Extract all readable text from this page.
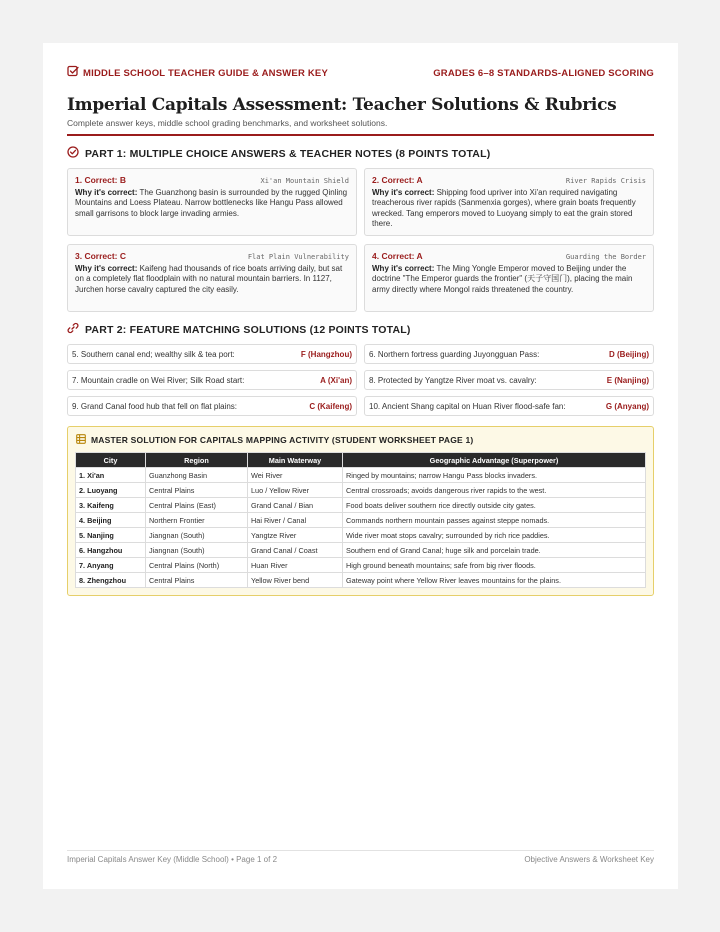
MIDDLE SCHOOL TEACHER GUIDE & ANSWER KEY	GRADES 6–8 STANDARDS-ALIGNED SCORING
Imperial Capitals Assessment: Teacher Solutions & Rubrics
Complete answer keys, middle school grading benchmarks, and worksheet solutions.
PART 1: MULTIPLE CHOICE ANSWERS & TEACHER NOTES (8 POINTS TOTAL)
1. Correct: B	Xi'an Mountain Shield
Why it's correct: The Guanzhong basin is surrounded by the rugged Qinling Mountains and Loess Plateau. Narrow bottlenecks like Hangu Pass allowed small garrisons to block large invading armies.
2. Correct: A	River Rapids Crisis
Why it's correct: Shipping food upriver into Xi'an required navigating treacherous river rapids (Sanmenxia gorges), where grain boats frequently wrecked. Tang emperors moved to Luoyang simply to eat the grain stored there.
3. Correct: C	Flat Plain Vulnerability
Why it's correct: Kaifeng had thousands of rice boats arriving daily, but sat on a completely flat floodplain with no natural mountain barriers. In 1127, Jurchen horse cavalry captured the city easily.
4. Correct: A	Guarding the Border
Why it's correct: The Ming Yongle Emperor moved to Beijing under the doctrine "The Emperor guards the frontier" (天子守国门), placing the main army directly where Mongol raids threatened the country.
PART 2: FEATURE MATCHING SOLUTIONS (12 POINTS TOTAL)
5. Southern canal end; wealthy silk & tea port:	F (Hangzhou) 6. Northern fortress guarding Juyongguan Pass:	D (Beijing)
7. Mountain cradle on Wei River; Silk Road start:	A (Xi'an) 8. Protected by Yangtze River moat vs. cavalry:	E (Nanjing)
9. Grand Canal food hub that fell on flat plains:	C (Kaifeng) 10. Ancient Shang capital on Huan River flood-safe fan:	G (Anyang)
MASTER SOLUTION FOR CAPITALS MAPPING ACTIVITY (STUDENT WORKSHEET PAGE 1)
City	Region	Main Waterway	Geographic Advantage (Superpower)
1. Xi'an	Guanzhong Basin	Wei River	Ringed by mountains; narrow Hangu Pass blocks invaders.
2. Luoyang	Central Plains	Luo / Yellow River	Central crossroads; avoids dangerous river rapids to the west.
3. Kaifeng	Central Plains (East)	Grand Canal / Bian	Food boats deliver southern rice directly outside city gates.
4. Beijing	Northern Frontier	Hai River / Canal	Commands northern mountain passes against steppe nomads.
5. Nanjing	Jiangnan (South)	Yangtze River	Wide river moat stops cavalry; surrounded by rich rice paddies.
6. Hangzhou	Jiangnan (South)	Grand Canal / Coast	Southern end of Grand Canal; huge silk and porcelain trade.
7. Anyang	Central Plains (North)	Huan River	High ground beneath mountains; safe from big river floods.
8. Zhengzhou	Central Plains	Yellow River bend	Gateway point where Yellow River leaves mountains for the plains.
Imperial Capitals Answer Key (Middle School) • Page 1 of 2	Objective Answers & Worksheet Key
